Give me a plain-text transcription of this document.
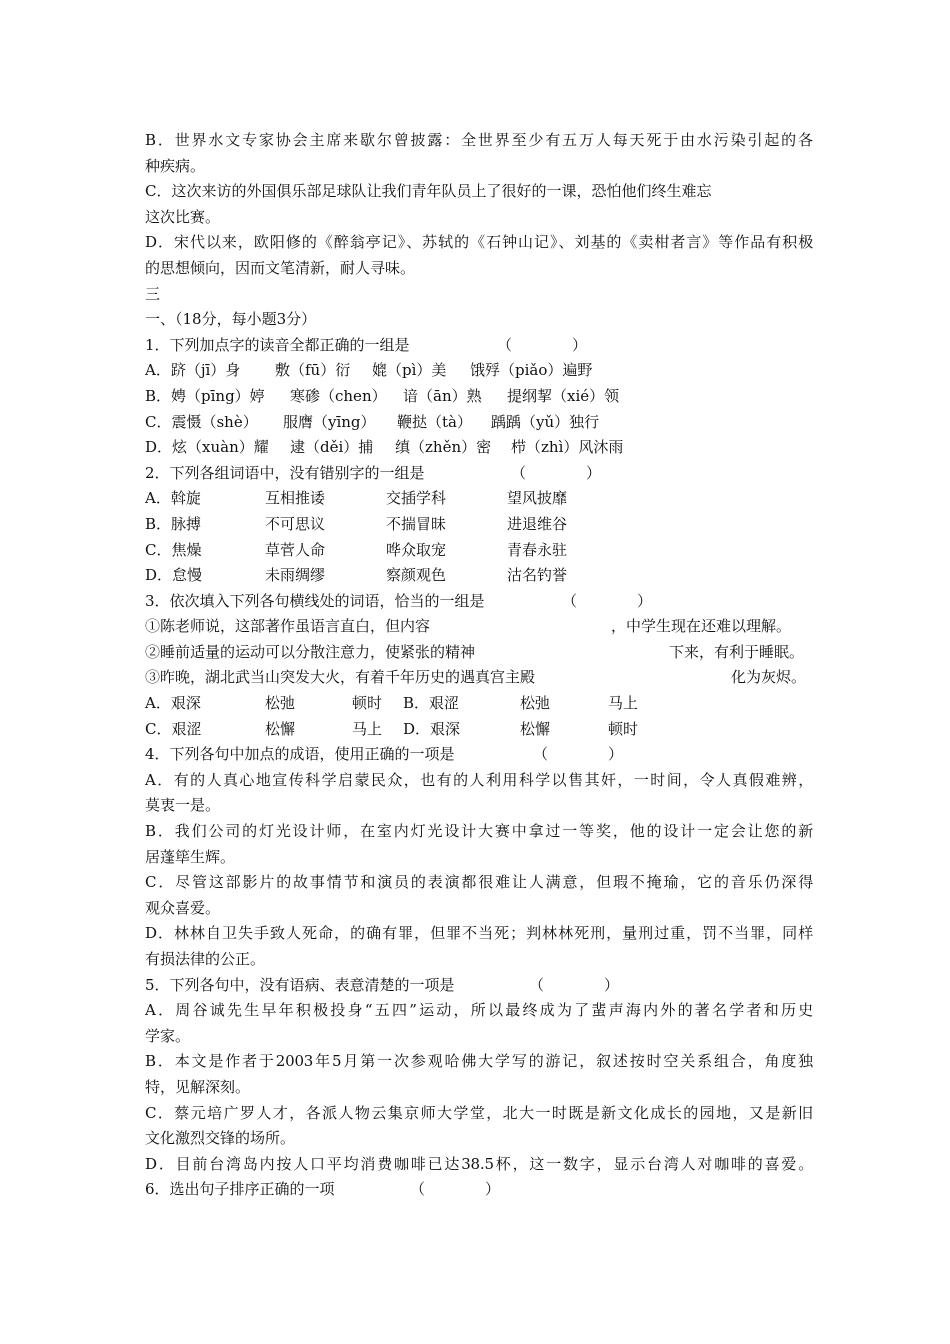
B．世界水文专家协会主席来歇尔曾披露：全世界至少有五万人每天死于由水污染引起的各
种疾病。
C．这次来访的外国俱乐部足球队让我们青年队员上了很好的一课，恐怕他们终生难忘
这次比赛。
D．宋代以来，欧阳修的《醉翁亭记》、苏轼的《石钟山记》、刘基的《卖柑者言》等作品有积极
的思想倾向，因而文笔清新，耐人寻味。
三
一、（18分，每小题3分）
1．下列加点字的读音全都正确的一组是	（　　　　）
A．跻（jī）身 敷（fū）衍 媲（pì）美 饿殍（piǎo）遍野
B．娉（pīng）婷 寒碜（chen） 谙（ān）熟 提纲挈（xié）领
C．震慑（shè） 服膺（yīng） 鞭挞（tà） 踽踽（yǔ）独行
D．炫（xuàn）耀 逮（děi）捕 缜（zhěn）密 栉（zhì）风沐雨
2．下列各组词语中，没有错别字的一组是	（　　　　）
A．斡旋	互相推诿	交插学科	望风披靡
B．脉搏	不可思议	不揣冒昧	进退维谷
C．焦燥	草菅人命	哗众取宠	青春永驻
D．怠慢	未雨绸缪	察颜观色	沽名钓誉
3．依次填入下列各句横线处的词语，恰当的一组是	（　　　　）
①陈老师说，这部著作虽语言直白，但内容	，中学生现在还难以理解。
②睡前适量的运动可以分散注意力，使紧张的精神	下来，有利于睡眠。
③昨晚，湖北武当山突发大火，有着千年历史的遇真宫主殿	化为灰烬。
A．艰深	松弛	顿时 B．艰涩	松弛	马上
C．艰涩	松懈	马上 D．艰深	松懈	顿时
4．下列各句中加点的成语，使用正确的一项是	（　　　　）
A．有的人真心地宣传科学启蒙民众，也有的人利用科学以售其奸，一时间，令人真假难辨，
莫衷一是。
B．我们公司的灯光设计师，在室内灯光设计大赛中拿过一等奖，他的设计一定会让您的新
居蓬筚生辉。
C．尽管这部影片的故事情节和演员的表演都很难让人满意，但瑕不掩瑜，它的音乐仍深得
观众喜爱。
D．林林自卫失手致人死命，的确有罪，但罪不当死；判林林死刑，量刑过重，罚不当罪，同样
有损法律的公正。
5．下列各句中，没有语病、表意清楚的一项是	（　　　　）
A．周谷诚先生早年积极投身“五四”运动，所以最终成为了蜚声海内外的著名学者和历史
学家。
B．本文是作者于2003年5月第一次参观哈佛大学写的游记，叙述按时空关系组合，角度独
特，见解深刻。
C．蔡元培广罗人才，各派人物云集京师大学堂，北大一时既是新文化成长的园地，又是新旧
文化激烈交锋的场所。
D．目前台湾岛内按人口平均消费咖啡已达38.5杯，这一数字，显示台湾人对咖啡的喜爱。
6．选出句子排序正确的一项	（　　　　）
